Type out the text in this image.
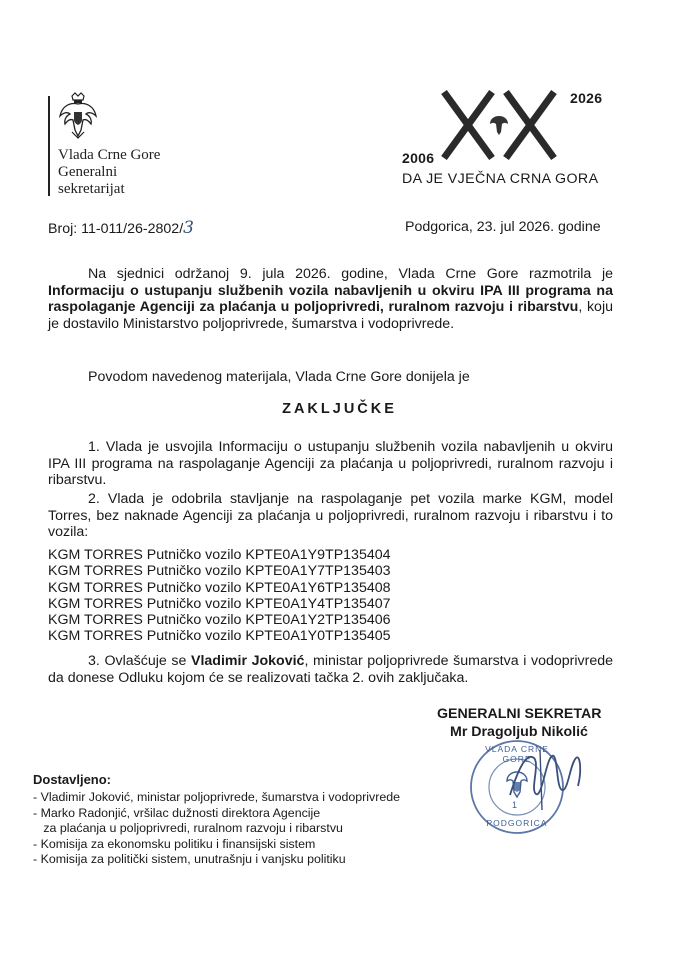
Vlada Crne Gore
Generalni
sekretarijat
2026
2006
DA JE VJEČNA CRNA GORA
Broj: 11-011/26-2802/3	Podgorica, 23. jul 2026. godine
Na sjednici održanoj 9. jula 2026. godine, Vlada Crne Gore razmotrila je Informaciju o ustupanju službenih vozila nabavljenih u okviru IPA III programa na raspolaganje Agenciji za plaćanja u poljoprivredi, ruralnom razvoju i ribarstvu, koju je dostavilo Ministarstvo poljoprivrede, šumarstva i vodoprivrede.
Povodom navedenog materijala, Vlada Crne Gore donijela je
ZAKLJUČKE
1. Vlada je usvojila Informaciju o ustupanju službenih vozila nabavljenih u okviru IPA III programa na raspolaganje Agenciji za plaćanja u poljoprivredi, ruralnom razvoju i ribarstvu.
2. Vlada je odobrila stavljanje na raspolaganje pet vozila marke KGM, model Torres, bez naknade Agenciji za plaćanja u poljoprivredi, ruralnom razvoju i ribarstvu i to vozila:
KGM TORRES Putničko vozilo KPTE0A1Y9TP135404
KGM TORRES Putničko vozilo KPTE0A1Y7TP135403
KGM TORRES Putničko vozilo KPTE0A1Y6TP135408
KGM TORRES Putničko vozilo KPTE0A1Y4TP135407
KGM TORRES Putničko vozilo KPTE0A1Y2TP135406
KGM TORRES Putničko vozilo KPTE0A1Y0TP135405
3. Ovlašćuje se Vladimir Joković, ministar poljoprivrede šumarstva i vodoprivrede da donese Odluku kojom će se realizovati tačka 2. ovih zaključaka.
GENERALNI SEKRETAR
Mr Dragoljub Nikolić
VLADA CRNE GORE
1
PODGORICA
Dostavljeno:
- Vladimir Joković, ministar poljoprivrede, šumarstva i vodoprivrede
- Marko Radonjić, vršilac dužnosti direktora Agencije
za plaćanja u poljoprivredi, ruralnom razvoju i ribarstvu
- Komisija za ekonomsku politiku i finansijski sistem
- Komisija za politički sistem, unutrašnju i vanjsku politiku
